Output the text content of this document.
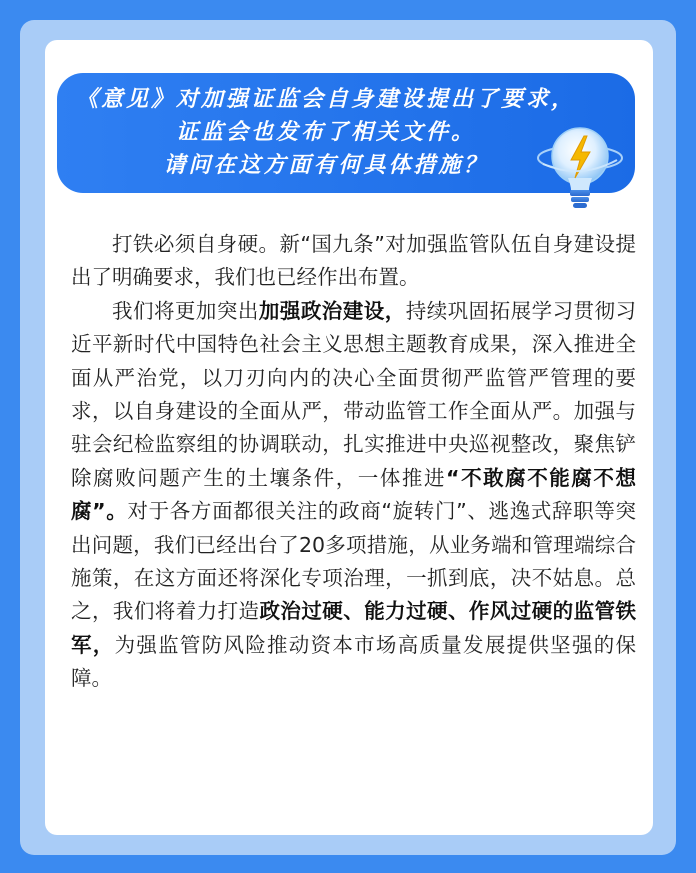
《意见》对加强证监会自身建设提出了要求，
证监会也发布了相关文件。
请问在这方面有何具体措施？

打铁必须自身硬。新“国九条”对加强监管队伍自身建设提出了明确要求，我们也已经作出布置。

我们将更加突出加强政治建设，持续巩固拓展学习贯彻习近平新时代中国特色社会主义思想主题教育成果，深入推进全面从严治党，以刀刃向内的决心全面贯彻严监管严管理的要求，以自身建设的全面从严，带动监管工作全面从严。加强与驻会纪检监察组的协调联动，扎实推进中央巡视整改，聚焦铲除腐败问题产生的土壤条件，一体推进“不敢腐不能腐不想腐”。对于各方面都很关注的政商“旋转门”、逃逸式辞职等突出问题，我们已经出台了20多项措施，从业务端和管理端综合施策，在这方面还将深化专项治理，一抓到底，决不姑息。总之，我们将着力打造政治过硬、能力过硬、作风过硬的监管铁军，为强监管防风险推动资本市场高质量发展提供坚强的保障。
